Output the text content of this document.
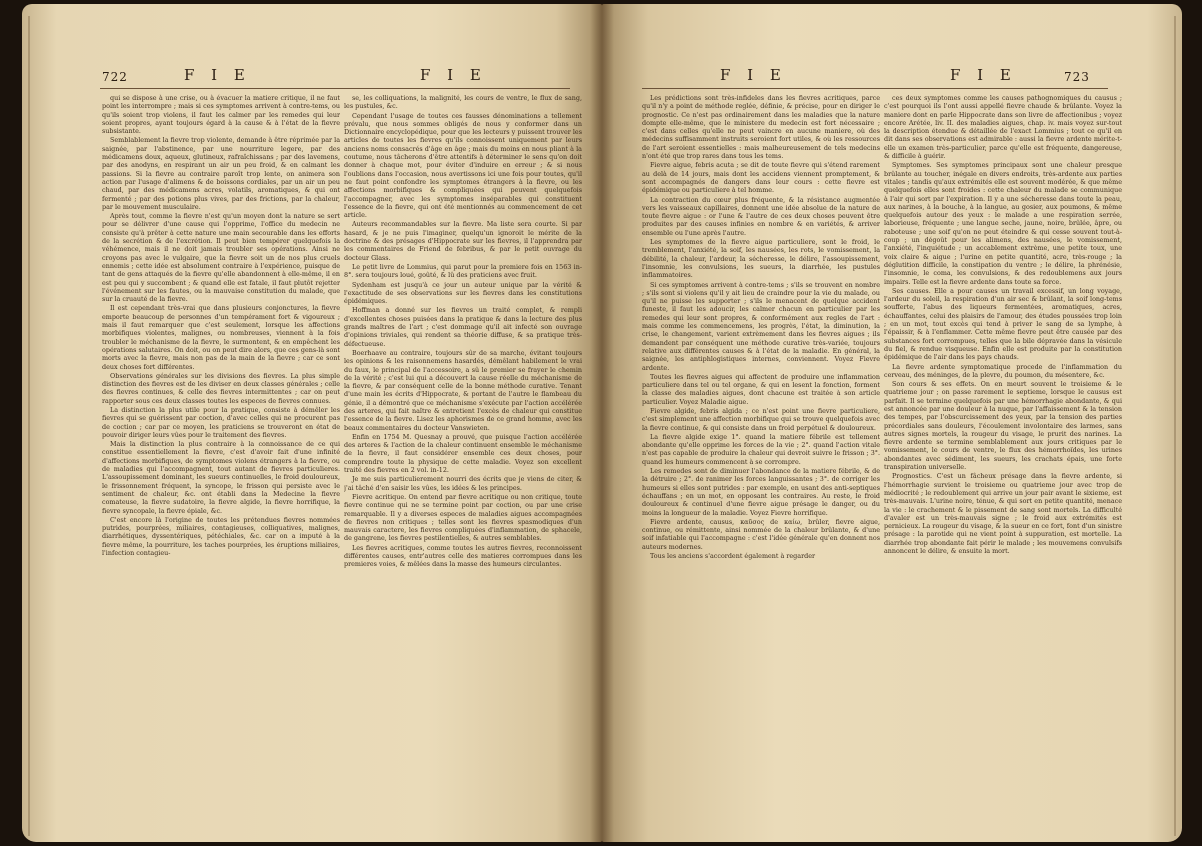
722	F I E	F I E

qui se dispose à une crise, ou à évacuer la matiere critique, il ne faut point les interrompre ; mais si ces symptomes arrivent à contre-tems, ou qu'ils soient trop violens, il faut les calmer par les remedes qui leur soient propres, ayant toujours égard à la cause & à l'état de la fievre subsistante.

Semblablement la fievre trop violente, demande à être réprimée par la saignée, par l'abstinence, par une nourriture legere, par des médicamens doux, aqueux, glutineux, rafraîchissans ; par des lavemens, par des anodyns, en respirant un air un peu froid, & en calmant les passions. Si la fievre au contraire paroît trop lente, on animera son action par l'usage d'alimens & de boissons cordiales, par un air un peu chaud, par des médicamens acres, volatils, aromatiques, & qui ont fermenté ; par des potions plus vives, par des frictions, par la chaleur, par le mouvement musculaire.

Après tout, comme la fievre n'est qu'un moyen dont la nature se sert pour se délivrer d'une cause qui l'opprime, l'office du medecin ne consiste qu'à prêter à cette nature une main secourable dans les efforts de la secrétion & de l'excrétion. Il peut bien tempérer quelquefois la véhémence, mais il ne doit jamais troubler ses opérations. Ainsi ne croyons pas avec le vulgaire, que la fievre soit un de nos plus cruels ennemis ; cette idée est absolument contraire à l'expérience, puisque de tant de gens attaqués de la fievre qu'elle abandonnent à elle-même, il en est peu qui y succombent ; & quand elle est fatale, il faut plutôt rejetter l'événement sur les fautes, ou la mauvaise constitution du malade, que sur la cruauté de la fievre.

Il est cependant très-vrai que dans plusieurs conjonctures, la fievre emporte beaucoup de personnes d'un tempérament fort & vigoureux ; mais il faut remarquer que c'est seulement, lorsque les affections morbifiques violentes, malignes, ou nombreuses, viennent à la fois troubler le méchanisme de la fievre, le surmontent, & en empêchent les opérations salutaires. On doit, ou on peut dire alors, que ces gens-là sont morts avec la fievre, mais non pas de la main de la fievre ; car ce sont deux choses fort différentes.

Observations générales sur les divisions des fievres. La plus simple distinction des fievres est de les diviser en deux classes générales ; celle des fievres continues, & celle des fievres intermittentes ; car on peut rapporter sous ces deux classes toutes les especes de fievres connues.

La distinction la plus utile pour la pratique, consiste à démêler les fievres qui se guérissent par coction, d'avec celles qui ne procurent pas de coction ; car par ce moyen, les praticiens se trouveront en état de pouvoir diriger leurs vûes pour le traitement des fievres.

Mais la distinction la plus contraire à la connoissance de ce qui constitue essentiellement la fievre, c'est d'avoir fait d'une infinité d'affections morbifiques, de symptomes violens étrangers à la fievre, ou de maladies qui l'accompagnent, tout autant de fievres particulieres. L'assoupissement dominant, les sueurs continuelles, le froid douloureux, le frissonnement fréquent, la syncope, le frisson qui persiste avec le sentiment de chaleur, &c. ont établi dans la Medecine la fievre comateuse, la fievre sudatoire, la fievre algide, la fievre horrifique, la fievre syncopale, la fievre épiale, &c.

C'est encore là l'origine de toutes les prétendues fievres nommées putrides, pourprées, miliaires, contagieuses, colliquatives, malignes, diarrhétiques, dyssentériques, pétéchiales, &c. car on a imputé à la fievre même, la pourriture, les taches pourprées, les éruptions miliaires, l'infection contagieu-

se, les colliquations, la malignité, les cours de ventre, le flux de sang, les pustules, &c.

Cependant l'usage de toutes ces fausses dénominations a tellement prévalu, que nous sommes obligés de nous y conformer dans un Dictionnaire encyclopédique, pour que les lecteurs y puissent trouver les articles de toutes les fievres qu'ils connoissent uniquement par leurs anciens noms consacrés d'âge en âge ; mais du moins en nous pliant à la coutume, nous tâcherons d'être attentifs à déterminer le sens qu'on doit donner à chaque mot, pour éviter d'induire en erreur ; & si nous l'oublions dans l'occasion, nous avertissons ici une fois pour toutes, qu'il ne faut point confondre les symptomes étrangers à la fievre, ou les affections morbifiques & compliquées qui peuvent quelquefois l'accompagner, avec les symptomes inséparables qui constituent l'essence de la fievre, qui ont été mentionnés au commencement de cet article.

Auteurs recommandables sur la fievre. Ma liste sera courte. Si par hasard, & je ne puis l'imaginer, quelqu'un ignoroit le mérite de la doctrine & des présages d'Hippocrate sur les fievres, il l'apprendra par les commentaires de Friend de febribus, & par le petit ouvrage du docteur Glass.

Le petit livre de Lommius, qui parut pour la premiere fois en 1563 in-8°. sera toujours loué, goûté, & lû des praticiens avec fruit.

Sydenham est jusqu'à ce jour un auteur unique par la vérité & l'exactitude de ses observations sur les fievres dans les constitutions épidémiques.

Hoffman a donné sur les fievres un traité complet, & rempli d'excellentes choses puisées dans la pratique & dans la lecture des plus grands maîtres de l'art ; c'est dommage qu'il ait infecté son ouvrage d'opinions triviales, qui rendent sa théorie diffuse, & sa pratique très-défectueuse.

Boerhaave au contraire, toujours sûr de sa marche, évitant toujours les opinions & les raisonnemens hasardés, démêlant habilement le vrai du faux, le principal de l'accessoire, a sû le premier se frayer le chemin de la vérité ; c'est lui qui a découvert la cause réelle du méchanisme de la fievre, & par conséquent celle de la bonne méthode curative. Tenant d'une main les écrits d'Hippocrate, & portant de l'autre le flambeau du génie, il a démontré que ce méchanisme s'exécute par l'action accélérée des arteres, qui fait naître & entretient l'excès de chaleur qui constitue l'essence de la fievre. Lisez les aphorismes de ce grand homme, avec les beaux commentaires du docteur Vanswieten.

Enfin en 1754 M. Quesnay a prouvé, que puisque l'action accélérée des arteres & l'action de la chaleur continuent ensemble le méchanisme de la fievre, il faut considérer ensemble ces deux choses, pour comprendre toute la physique de cette maladie. Voyez son excellent traité des fievres en 2 vol. in-12.

Je me suis particulierement nourri des écrits que je viens de citer, & j'ai tâché d'en saisir les vûes, les idées & les principes.

Fievre acritique. On entend par fievre acritique ou non critique, toute fievre continue qui ne se termine point par coction, ou par une crise remarquable. Il y a diverses especes de maladies aigues accompagnées de fievres non critiques ; telles sont les fievres spasmodiques d'un mauvais caractere, les fievres compliquées d'inflammation, de sphacele, de gangrene, les fievres pestilentielles, & autres semblables.

Les fievres acritiques, comme toutes les autres fievres, reconnoissent différentes causes, entr'autres celle des matieres corrompues dans les premieres voies, & mêlées dans la masse des humeurs circulantes.

F I E	F I E	723

Les prédictions sont très-infideles dans les fievres acritiques, parce qu'il n'y a point de méthode reglée, définie, & précise, pour en diriger le prognostic. Ce n'est pas ordinairement dans les maladies que la nature dompte elle-même, que le ministere du medecin est fort nécessaire ; c'est dans celles qu'elle ne peut vaincre en aucune maniere, où des médecins suffisamment instruits seroient fort utiles, & où les ressources de l'art seroient essentielles : mais malheureusement de tels medecins n'ont été que trop rares dans tous les tems.

Fievre aigue, febris acuta ; se dit de toute fievre qui s'étend rarement au delà de 14 jours, mais dont les accidens viennent promptement, & sont accompagnés de dangers dans leur cours : cette fievre est épidémique ou particuliere à tel homme.

La contraction du cœur plus fréquente, & la résistance augmentée vers les vaisseaux capillaires, donnent une idée absolue de la nature de toute fievre aigue : or l'une & l'autre de ces deux choses peuvent être produites par des causes infinies en nombre & en variétés, & arriver ensemble ou l'une après l'autre.

Les symptomes de la fievre aigue particuliere, sont le froid, le tremblement, l'anxiété, la soif, les nausées, les rots, le vomissement, la débilité, la chaleur, l'ardeur, la sécheresse, le délire, l'assoupissement, l'insomnie, les convulsions, les sueurs, la diarrhée, les pustules inflammatoires.

Si ces symptomes arrivent à contre-tems ; s'ils se trouvent en nombre ; s'ils sont si violens qu'il y ait lieu de craindre pour la vie du malade, ou qu'il ne puisse les supporter ; s'ils le menacent de quelque accident funeste, il faut les adoucir, les calmer chacun en particulier par les remedes qui leur sont propres, & conformément aux regles de l'art : mais comme les commencemens, les progrès, l'état, la diminution, la crise, le changement, varient extrèmement dans les fievres aigues ; ils demandent par conséquent une méthode curative très-variée, toujours relative aux différentes causes & à l'état de la maladie. En général, la saignée, les antiphlogistiques internes, conviennent. Voyez Fievre ardente.

Toutes les fievres aigues qui affectent de produire une inflammation particuliere dans tel ou tel organe, & qui en lesent la fonction, forment la classe des maladies aigues, dont chacune est traitée à son article particulier. Voyez Maladie aigue.

Fievre algide, febris algida ; ce n'est point une fievre particuliere, c'est simplement une affection morbifique qui se trouve quelquefois avec la fievre continue, & qui consiste dans un froid perpétuel & douloureux.

La fievre algide exige 1°. quand la matiere fébrile est tellement abondante qu'elle opprime les forces de la vie ; 2°. quand l'action vitale n'est pas capable de produire la chaleur qui devroit suivre le frisson ; 3°. quand les humeurs commencent à se corrompre.

Les remedes sont de diminuer l'abondance de la matiere fébrile, & de la détruire ; 2°. de ranimer les forces languissantes ; 3°. de corriger les humeurs si elles sont putrides : par exemple, en usant des anti-septiques échauffans ; en un mot, en opposant les contraires. Au reste, le froid douloureux & continuel d'une fievre aigue présage le danger, ou du moins la longueur de la maladie. Voyez Fievre horrifique.

Fievre ardente, causus, καῦσος de καίω, brûler, fievre aigue, continue, ou rémittente, ainsi nommée de la chaleur brûlante, & d'une soif infatiable qui l'accompagne : c'est l'idée générale qu'en donnent nos auteurs modernes.

Tous les anciens s'accordent également à regarder

ces deux symptomes comme les causes pathognomiques du causus ; c'est pourquoi ils l'ont aussi appellé fievre chaude & brûlante. Voyez la maniere dont en parle Hippocrate dans son livre de affectionibus ; voyez encore Arétée, liv. II. des maladies aigues, chap. iv. mais voyez sur-tout la description étendue & détaillée de l'exact Lommius ; tout ce qu'il en dit dans ses observations est admirable : aussi la fievre ardente mérite-t-elle un examen très-particulier, parce qu'elle est fréquente, dangereuse, & difficile à guérir.

Symptomes. Ses symptomes principaux sont une chaleur presque brûlante au toucher, inégale en divers endroits, très-ardente aux parties vitales ; tandis qu'aux extrémités elle est souvent modérée, & que même quelquefois elles sont froides : cette chaleur du malade se communique à l'air qui sort par l'expiration. Il y a une sécheresse dans toute la peau, aux narines, à la bouche, à la langue, au gosier, aux poumons, & même quelquefois autour des yeux : le malade a une respiration serrée, laborieuse, fréquente ; une langue seche, jaune, noire, brûlée, âpre, ou raboteuse ; une soif qu'on ne peut éteindre & qui cesse souvent tout-à-coup ; un dégoût pour les alimens, des nausées, le vomissement, l'anxiété, l'inquiétude ; un accablement extrème, une petite toux, une voix claire & aigue ; l'urine en petite quantité, acre, très-rouge ; la déglutition difficile, la constipation du ventre ; le délire, la phrénésie, l'insomnie, le coma, les convulsions, & des redoublemens aux jours impairs. Telle est la fievre ardente dans toute sa force.

Ses causes. Elle a pour causes un travail excessif, un long voyage, l'ardeur du soleil, la respiration d'un air sec & brûlant, la soif long-tems soufferte, l'abus des liqueurs fermentées, aromatiques, acres, échauffantes, celui des plaisirs de l'amour, des études poussées trop loin ; en un mot, tout excès qui tend à priver le sang de sa lymphe, à l'épaissir, & à l'enflammer. Cette même fievre peut être causée par des substances fort corrompues, telles que la bile dépravée dans la vésicule du fiel, & rendue visqueuse. Enfin elle est produite par la constitution épidémique de l'air dans les pays chauds.

La fievre ardente symptomatique procede de l'inflammation du cerveau, des méninges, de la plevre, du poumon, du mésentere, &c.

Son cours & ses effets. On en meurt souvent le troisieme & le quatrieme jour ; on passe rarement le septieme, lorsque le causus est parfait. Il se termine quelquefois par une hémorrhagie abondante, & qui est annoncée par une douleur à la nuque, par l'affaissement & la tension des tempes, par l'obscurcissement des yeux, par la tension des parties précordiales sans douleurs, l'écoulement involontaire des larmes, sans autres signes mortels, la rougeur du visage, le prurit des narines. La fievre ardente se termine semblablement aux jours critiques par le vomissement, le cours de ventre, le flux des hémorrhoïdes, les urines abondantes avec sédiment, les sueurs, les crachats épais, une forte transpiration universelle.

Prognostics. C'est un fâcheux présage dans la fievre ardente, si l'hémorrhagie survient le troisieme ou quatrieme jour avec trop de médiocrité ; le redoublement qui arrive un jour pair avant le sixieme, est très-mauvais. L'urine noire, ténue, & qui sort en petite quantité, menace la vie : le crachement & le pissement de sang sont mortels. La difficulté d'avaler est un très-mauvais signe ; le froid aux extrémités est pernicieux. La rougeur du visage, & la sueur en ce fort, font d'un sinistre présage : la parotide qui ne vient point à suppuration, est mortelle. La diarrhée trop abondante fait périr le malade ; les mouvemens convulsifs annoncent le délire, & ensuite la mort.
